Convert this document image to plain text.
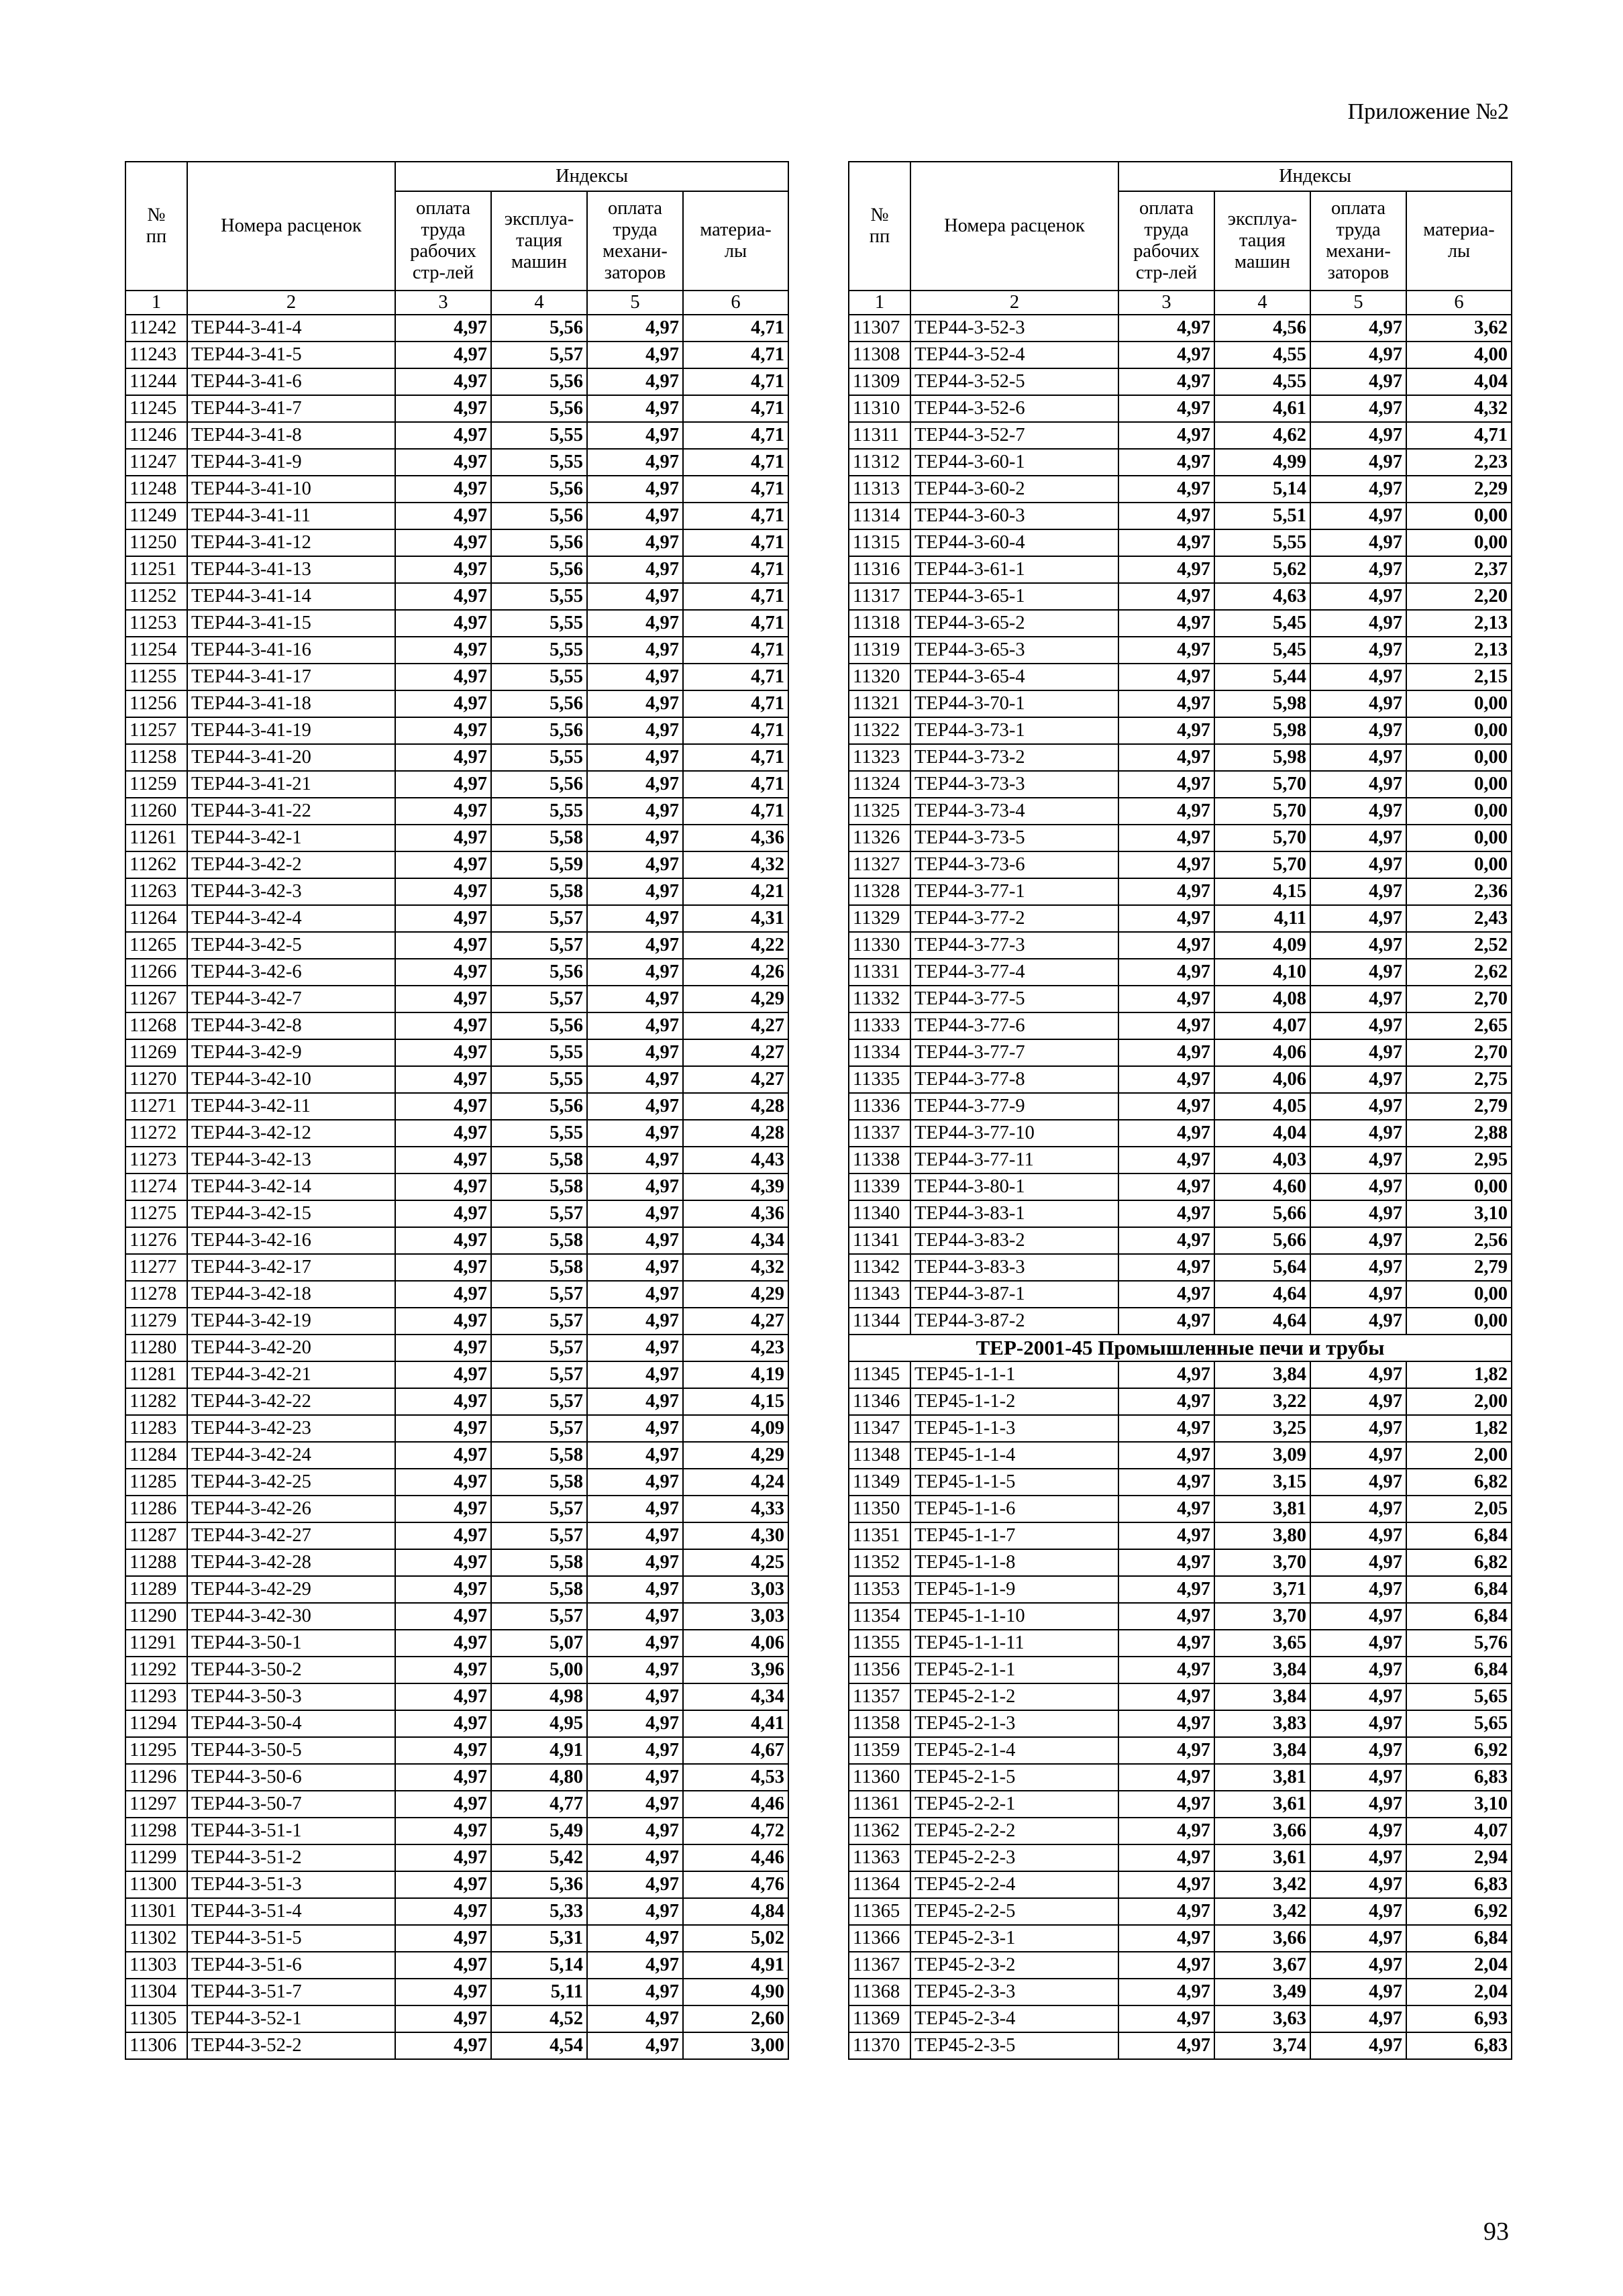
Приложение №2
№
пп	Номера расценок	Индексы			
		оплата
труда
рабочих
стр-лей	эксплуа-
тация
машин	оплата
труда
механи-
заторов	материа-
лы
1	2	3	4	5	6
11242	ТЕР44-3-41-4	4,97	5,56	4,97	4,71
11243	ТЕР44-3-41-5	4,97	5,57	4,97	4,71
11244	ТЕР44-3-41-6	4,97	5,56	4,97	4,71
11245	ТЕР44-3-41-7	4,97	5,56	4,97	4,71
11246	ТЕР44-3-41-8	4,97	5,55	4,97	4,71
11247	ТЕР44-3-41-9	4,97	5,55	4,97	4,71
11248	ТЕР44-3-41-10	4,97	5,56	4,97	4,71
11249	ТЕР44-3-41-11	4,97	5,56	4,97	4,71
11250	ТЕР44-3-41-12	4,97	5,56	4,97	4,71
11251	ТЕР44-3-41-13	4,97	5,56	4,97	4,71
11252	ТЕР44-3-41-14	4,97	5,55	4,97	4,71
11253	ТЕР44-3-41-15	4,97	5,55	4,97	4,71
11254	ТЕР44-3-41-16	4,97	5,55	4,97	4,71
11255	ТЕР44-3-41-17	4,97	5,55	4,97	4,71
11256	ТЕР44-3-41-18	4,97	5,56	4,97	4,71
11257	ТЕР44-3-41-19	4,97	5,56	4,97	4,71
11258	ТЕР44-3-41-20	4,97	5,55	4,97	4,71
11259	ТЕР44-3-41-21	4,97	5,56	4,97	4,71
11260	ТЕР44-3-41-22	4,97	5,55	4,97	4,71
11261	ТЕР44-3-42-1	4,97	5,58	4,97	4,36
11262	ТЕР44-3-42-2	4,97	5,59	4,97	4,32
11263	ТЕР44-3-42-3	4,97	5,58	4,97	4,21
11264	ТЕР44-3-42-4	4,97	5,57	4,97	4,31
11265	ТЕР44-3-42-5	4,97	5,57	4,97	4,22
11266	ТЕР44-3-42-6	4,97	5,56	4,97	4,26
11267	ТЕР44-3-42-7	4,97	5,57	4,97	4,29
11268	ТЕР44-3-42-8	4,97	5,56	4,97	4,27
11269	ТЕР44-3-42-9	4,97	5,55	4,97	4,27
11270	ТЕР44-3-42-10	4,97	5,55	4,97	4,27
11271	ТЕР44-3-42-11	4,97	5,56	4,97	4,28
11272	ТЕР44-3-42-12	4,97	5,55	4,97	4,28
11273	ТЕР44-3-42-13	4,97	5,58	4,97	4,43
11274	ТЕР44-3-42-14	4,97	5,58	4,97	4,39
11275	ТЕР44-3-42-15	4,97	5,57	4,97	4,36
11276	ТЕР44-3-42-16	4,97	5,58	4,97	4,34
11277	ТЕР44-3-42-17	4,97	5,58	4,97	4,32
11278	ТЕР44-3-42-18	4,97	5,57	4,97	4,29
11279	ТЕР44-3-42-19	4,97	5,57	4,97	4,27
11280	ТЕР44-3-42-20	4,97	5,57	4,97	4,23
11281	ТЕР44-3-42-21	4,97	5,57	4,97	4,19
11282	ТЕР44-3-42-22	4,97	5,57	4,97	4,15
11283	ТЕР44-3-42-23	4,97	5,57	4,97	4,09
11284	ТЕР44-3-42-24	4,97	5,58	4,97	4,29
11285	ТЕР44-3-42-25	4,97	5,58	4,97	4,24
11286	ТЕР44-3-42-26	4,97	5,57	4,97	4,33
11287	ТЕР44-3-42-27	4,97	5,57	4,97	4,30
11288	ТЕР44-3-42-28	4,97	5,58	4,97	4,25
11289	ТЕР44-3-42-29	4,97	5,58	4,97	3,03
11290	ТЕР44-3-42-30	4,97	5,57	4,97	3,03
11291	ТЕР44-3-50-1	4,97	5,07	4,97	4,06
11292	ТЕР44-3-50-2	4,97	5,00	4,97	3,96
11293	ТЕР44-3-50-3	4,97	4,98	4,97	4,34
11294	ТЕР44-3-50-4	4,97	4,95	4,97	4,41
11295	ТЕР44-3-50-5	4,97	4,91	4,97	4,67
11296	ТЕР44-3-50-6	4,97	4,80	4,97	4,53
11297	ТЕР44-3-50-7	4,97	4,77	4,97	4,46
11298	ТЕР44-3-51-1	4,97	5,49	4,97	4,72
11299	ТЕР44-3-51-2	4,97	5,42	4,97	4,46
11300	ТЕР44-3-51-3	4,97	5,36	4,97	4,76
11301	ТЕР44-3-51-4	4,97	5,33	4,97	4,84
11302	ТЕР44-3-51-5	4,97	5,31	4,97	5,02
11303	ТЕР44-3-51-6	4,97	5,14	4,97	4,91
11304	ТЕР44-3-51-7	4,97	5,11	4,97	4,90
11305	ТЕР44-3-52-1	4,97	4,52	4,97	2,60
11306	ТЕР44-3-52-2	4,97	4,54	4,97	3,00
№
пп	Номера расценок	Индексы			
		оплата
труда
рабочих
стр-лей	эксплуа-
тация
машин	оплата
труда
механи-
заторов	материа-
лы
1	2	3	4	5	6
11307	ТЕР44-3-52-3	4,97	4,56	4,97	3,62
11308	ТЕР44-3-52-4	4,97	4,55	4,97	4,00
11309	ТЕР44-3-52-5	4,97	4,55	4,97	4,04
11310	ТЕР44-3-52-6	4,97	4,61	4,97	4,32
11311	ТЕР44-3-52-7	4,97	4,62	4,97	4,71
11312	ТЕР44-3-60-1	4,97	4,99	4,97	2,23
11313	ТЕР44-3-60-2	4,97	5,14	4,97	2,29
11314	ТЕР44-3-60-3	4,97	5,51	4,97	0,00
11315	ТЕР44-3-60-4	4,97	5,55	4,97	0,00
11316	ТЕР44-3-61-1	4,97	5,62	4,97	2,37
11317	ТЕР44-3-65-1	4,97	4,63	4,97	2,20
11318	ТЕР44-3-65-2	4,97	5,45	4,97	2,13
11319	ТЕР44-3-65-3	4,97	5,45	4,97	2,13
11320	ТЕР44-3-65-4	4,97	5,44	4,97	2,15
11321	ТЕР44-3-70-1	4,97	5,98	4,97	0,00
11322	ТЕР44-3-73-1	4,97	5,98	4,97	0,00
11323	ТЕР44-3-73-2	4,97	5,98	4,97	0,00
11324	ТЕР44-3-73-3	4,97	5,70	4,97	0,00
11325	ТЕР44-3-73-4	4,97	5,70	4,97	0,00
11326	ТЕР44-3-73-5	4,97	5,70	4,97	0,00
11327	ТЕР44-3-73-6	4,97	5,70	4,97	0,00
11328	ТЕР44-3-77-1	4,97	4,15	4,97	2,36
11329	ТЕР44-3-77-2	4,97	4,11	4,97	2,43
11330	ТЕР44-3-77-3	4,97	4,09	4,97	2,52
11331	ТЕР44-3-77-4	4,97	4,10	4,97	2,62
11332	ТЕР44-3-77-5	4,97	4,08	4,97	2,70
11333	ТЕР44-3-77-6	4,97	4,07	4,97	2,65
11334	ТЕР44-3-77-7	4,97	4,06	4,97	2,70
11335	ТЕР44-3-77-8	4,97	4,06	4,97	2,75
11336	ТЕР44-3-77-9	4,97	4,05	4,97	2,79
11337	ТЕР44-3-77-10	4,97	4,04	4,97	2,88
11338	ТЕР44-3-77-11	4,97	4,03	4,97	2,95
11339	ТЕР44-3-80-1	4,97	4,60	4,97	0,00
11340	ТЕР44-3-83-1	4,97	5,66	4,97	3,10
11341	ТЕР44-3-83-2	4,97	5,66	4,97	2,56
11342	ТЕР44-3-83-3	4,97	5,64	4,97	2,79
11343	ТЕР44-3-87-1	4,97	4,64	4,97	0,00
11344	ТЕР44-3-87-2	4,97	4,64	4,97	0,00
ТЕР-2001-45 Промышленные печи и трубы					
11345	ТЕР45-1-1-1	4,97	3,84	4,97	1,82
11346	ТЕР45-1-1-2	4,97	3,22	4,97	2,00
11347	ТЕР45-1-1-3	4,97	3,25	4,97	1,82
11348	ТЕР45-1-1-4	4,97	3,09	4,97	2,00
11349	ТЕР45-1-1-5	4,97	3,15	4,97	6,82
11350	ТЕР45-1-1-6	4,97	3,81	4,97	2,05
11351	ТЕР45-1-1-7	4,97	3,80	4,97	6,84
11352	ТЕР45-1-1-8	4,97	3,70	4,97	6,82
11353	ТЕР45-1-1-9	4,97	3,71	4,97	6,84
11354	ТЕР45-1-1-10	4,97	3,70	4,97	6,84
11355	ТЕР45-1-1-11	4,97	3,65	4,97	5,76
11356	ТЕР45-2-1-1	4,97	3,84	4,97	6,84
11357	ТЕР45-2-1-2	4,97	3,84	4,97	5,65
11358	ТЕР45-2-1-3	4,97	3,83	4,97	5,65
11359	ТЕР45-2-1-4	4,97	3,84	4,97	6,92
11360	ТЕР45-2-1-5	4,97	3,81	4,97	6,83
11361	ТЕР45-2-2-1	4,97	3,61	4,97	3,10
11362	ТЕР45-2-2-2	4,97	3,66	4,97	4,07
11363	ТЕР45-2-2-3	4,97	3,61	4,97	2,94
11364	ТЕР45-2-2-4	4,97	3,42	4,97	6,83
11365	ТЕР45-2-2-5	4,97	3,42	4,97	6,92
11366	ТЕР45-2-3-1	4,97	3,66	4,97	6,84
11367	ТЕР45-2-3-2	4,97	3,67	4,97	2,04
11368	ТЕР45-2-3-3	4,97	3,49	4,97	2,04
11369	ТЕР45-2-3-4	4,97	3,63	4,97	6,93
11370	ТЕР45-2-3-5	4,97	3,74	4,97	6,83
93
